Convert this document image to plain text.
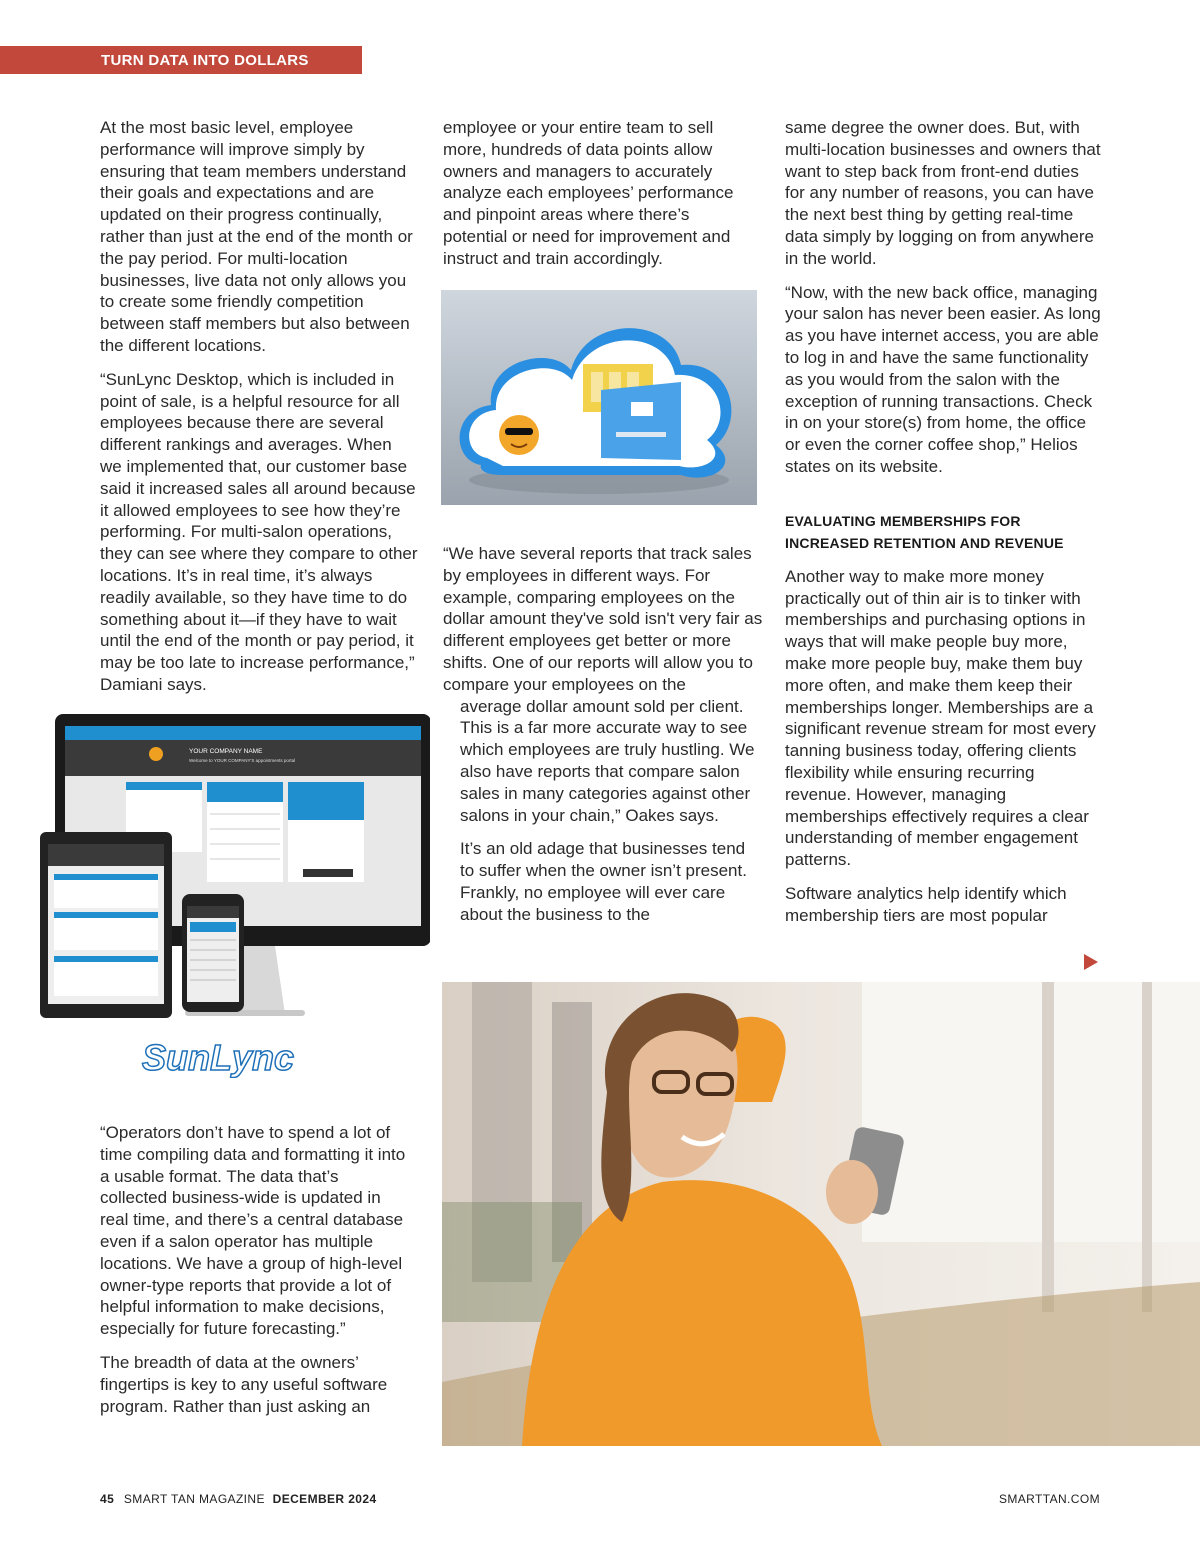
TURN DATA INTO DOLLARS

At the most basic level, employee performance will improve simply by ensuring that team members understand their goals and expectations and are updated on their progress continually, rather than just at the end of the month or the pay period. For multi-location businesses, live data not only allows you to create some friendly competition between staff members but also between the different locations.

“SunLync Desktop, which is included in point of sale, is a helpful resource for all employees because there are several different rankings and averages. When we implemented that, our customer base said it increased sales all around because it allowed employees to see how they’re performing. For multi-salon operations, they can see where they compare to other locations. It’s in real time, it’s always readily available, so they have time to do something about it—if they have to wait until the end of the month or pay period, it may be too late to increase performance,” Damiani says.

YOUR COMPANY NAME
Welcome to YOUR COMPANY'S appointments portal
SunLync

“Operators don’t have to spend a lot of time compiling data and formatting it into a usable format. The data that’s collected business-wide is updated in real time, and there’s a central database even if a salon operator has multiple locations. We have a group of high-level owner-type reports that provide a lot of helpful information to make decisions, especially for future forecasting.”

The breadth of data at the owners’ fingertips is key to any useful software program. Rather than just asking an

employee or your entire team to sell more, hundreds of data points allow owners and managers to accurately analyze each employees’ performance and pinpoint areas where there’s potential or need for improvement and instruct and train accordingly.

“We have several reports that track sales by employees in different ways. For example, comparing employees on the dollar amount they've sold isn't very fair as different employees get better or more shifts. One of our reports will allow you to compare your employees on the

average dollar amount sold per client. This is a far more accurate way to see which employees are truly hustling. We also have reports that compare salon sales in many categories against other salons in your chain,” Oakes says.

It’s an old adage that businesses tend to suffer when the owner isn’t present. Frankly, no employee will ever care about the business to the

same degree the owner does. But, with multi-location businesses and owners that want to step back from front-end duties for any number of reasons, you can have the next best thing by getting real-time data simply by logging on from anywhere in the world.

“Now, with the new back office, managing your salon has never been easier. As long as you have internet access, you are able to log in and have the same functionality as you would from the salon with the exception of running transactions. Check in on your store(s) from home, the office or even the corner coffee shop,” Helios states on its website.

EVALUATING MEMBERSHIPS FOR
INCREASED RETENTION AND REVENUE

Another way to make more money practically out of thin air is to tinker with memberships and purchasing options in ways that will make people buy more, make more people buy, make them buy more often, and make them keep their memberships longer. Memberships are a significant revenue stream for most every tanning business today, offering clients flexibility while ensuring recurring revenue. However, managing memberships effectively requires a clear understanding of member engagement patterns.

Software analytics help identify which membership tiers are most popular

45 SMART TAN MAGAZINE DECEMBER 2024	SMARTTAN.COM
